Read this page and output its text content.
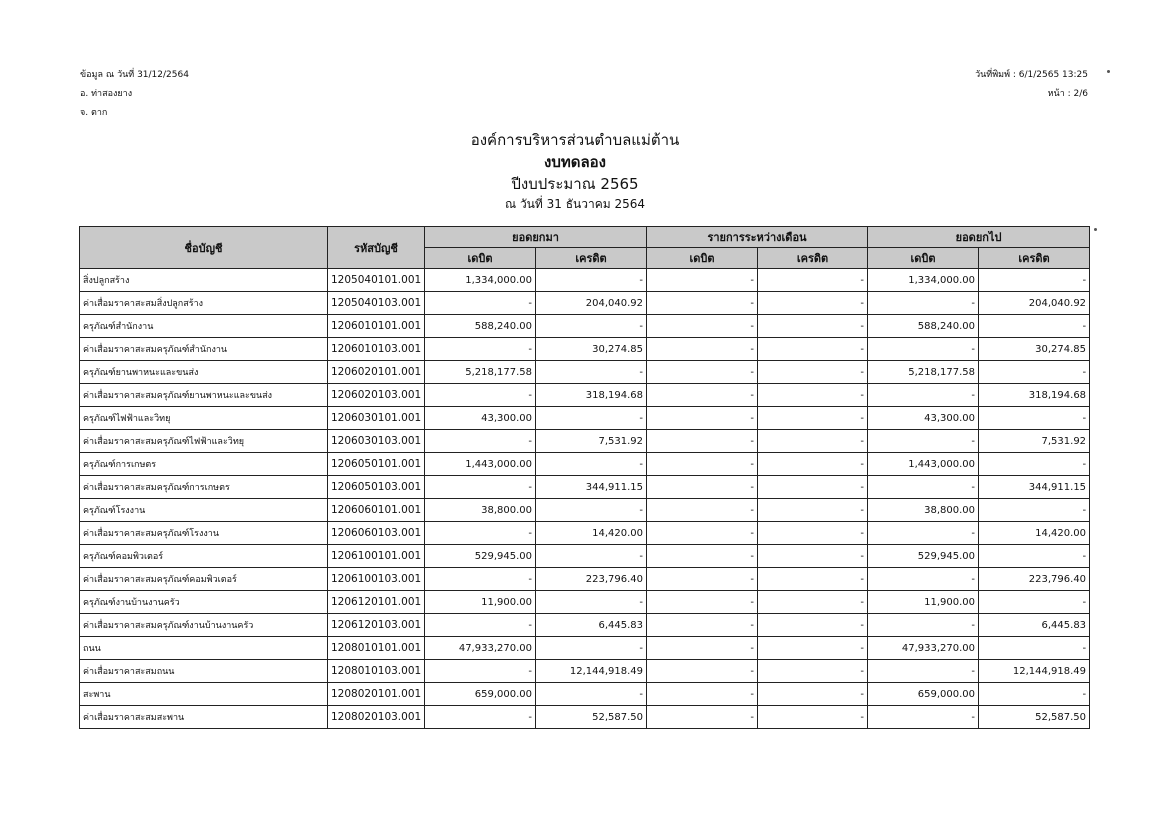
ข้อมูล ณ วันที่ 31/12/2564
อ. ท่าสองยาง
จ. ตาก
วันที่พิมพ์ : 6/1/2565 13:25
หน้า : 2/6
องค์การบริหารส่วนตำบลแม่ต้าน
งบทดลอง
ปีงบประมาณ 2565
ณ วันที่ 31 ธันวาคม 2564
ชื่อบัญชี	รหัสบัญชี	ยอดยกมา		รายการระหว่างเดือน		ยอดยกไป	
		เดบิต	เครดิต	เดบิต	เครดิต	เดบิต	เครดิต
สิ่งปลูกสร้าง	1205040101.001	1,334,000.00	-	-	-	1,334,000.00	-
ค่าเสื่อมราคาสะสมสิ่งปลูกสร้าง	1205040103.001	-	204,040.92	-	-	-	204,040.92
ครุภัณฑ์สำนักงาน	1206010101.001	588,240.00	-	-	-	588,240.00	-
ค่าเสื่อมราคาสะสมครุภัณฑ์สำนักงาน	1206010103.001	-	30,274.85	-	-	-	30,274.85
ครุภัณฑ์ยานพาหนะและขนส่ง	1206020101.001	5,218,177.58	-	-	-	5,218,177.58	-
ค่าเสื่อมราคาสะสมครุภัณฑ์ยานพาหนะและขนส่ง	1206020103.001	-	318,194.68	-	-	-	318,194.68
ครุภัณฑ์ไฟฟ้าและวิทยุ	1206030101.001	43,300.00	-	-	-	43,300.00	-
ค่าเสื่อมราคาสะสมครุภัณฑ์ไฟฟ้าและวิทยุ	1206030103.001	-	7,531.92	-	-	-	7,531.92
ครุภัณฑ์การเกษตร	1206050101.001	1,443,000.00	-	-	-	1,443,000.00	-
ค่าเสื่อมราคาสะสมครุภัณฑ์การเกษตร	1206050103.001	-	344,911.15	-	-	-	344,911.15
ครุภัณฑ์โรงงาน	1206060101.001	38,800.00	-	-	-	38,800.00	-
ค่าเสื่อมราคาสะสมครุภัณฑ์โรงงาน	1206060103.001	-	14,420.00	-	-	-	14,420.00
ครุภัณฑ์คอมพิวเตอร์	1206100101.001	529,945.00	-	-	-	529,945.00	-
ค่าเสื่อมราคาสะสมครุภัณฑ์คอมพิวเตอร์	1206100103.001	-	223,796.40	-	-	-	223,796.40
ครุภัณฑ์งานบ้านงานครัว	1206120101.001	11,900.00	-	-	-	11,900.00	-
ค่าเสื่อมราคาสะสมครุภัณฑ์งานบ้านงานครัว	1206120103.001	-	6,445.83	-	-	-	6,445.83
ถนน	1208010101.001	47,933,270.00	-	-	-	47,933,270.00	-
ค่าเสื่อมราคาสะสมถนน	1208010103.001	-	12,144,918.49	-	-	-	12,144,918.49
สะพาน	1208020101.001	659,000.00	-	-	-	659,000.00	-
ค่าเสื่อมราคาสะสมสะพาน	1208020103.001	-	52,587.50	-	-	-	52,587.50
